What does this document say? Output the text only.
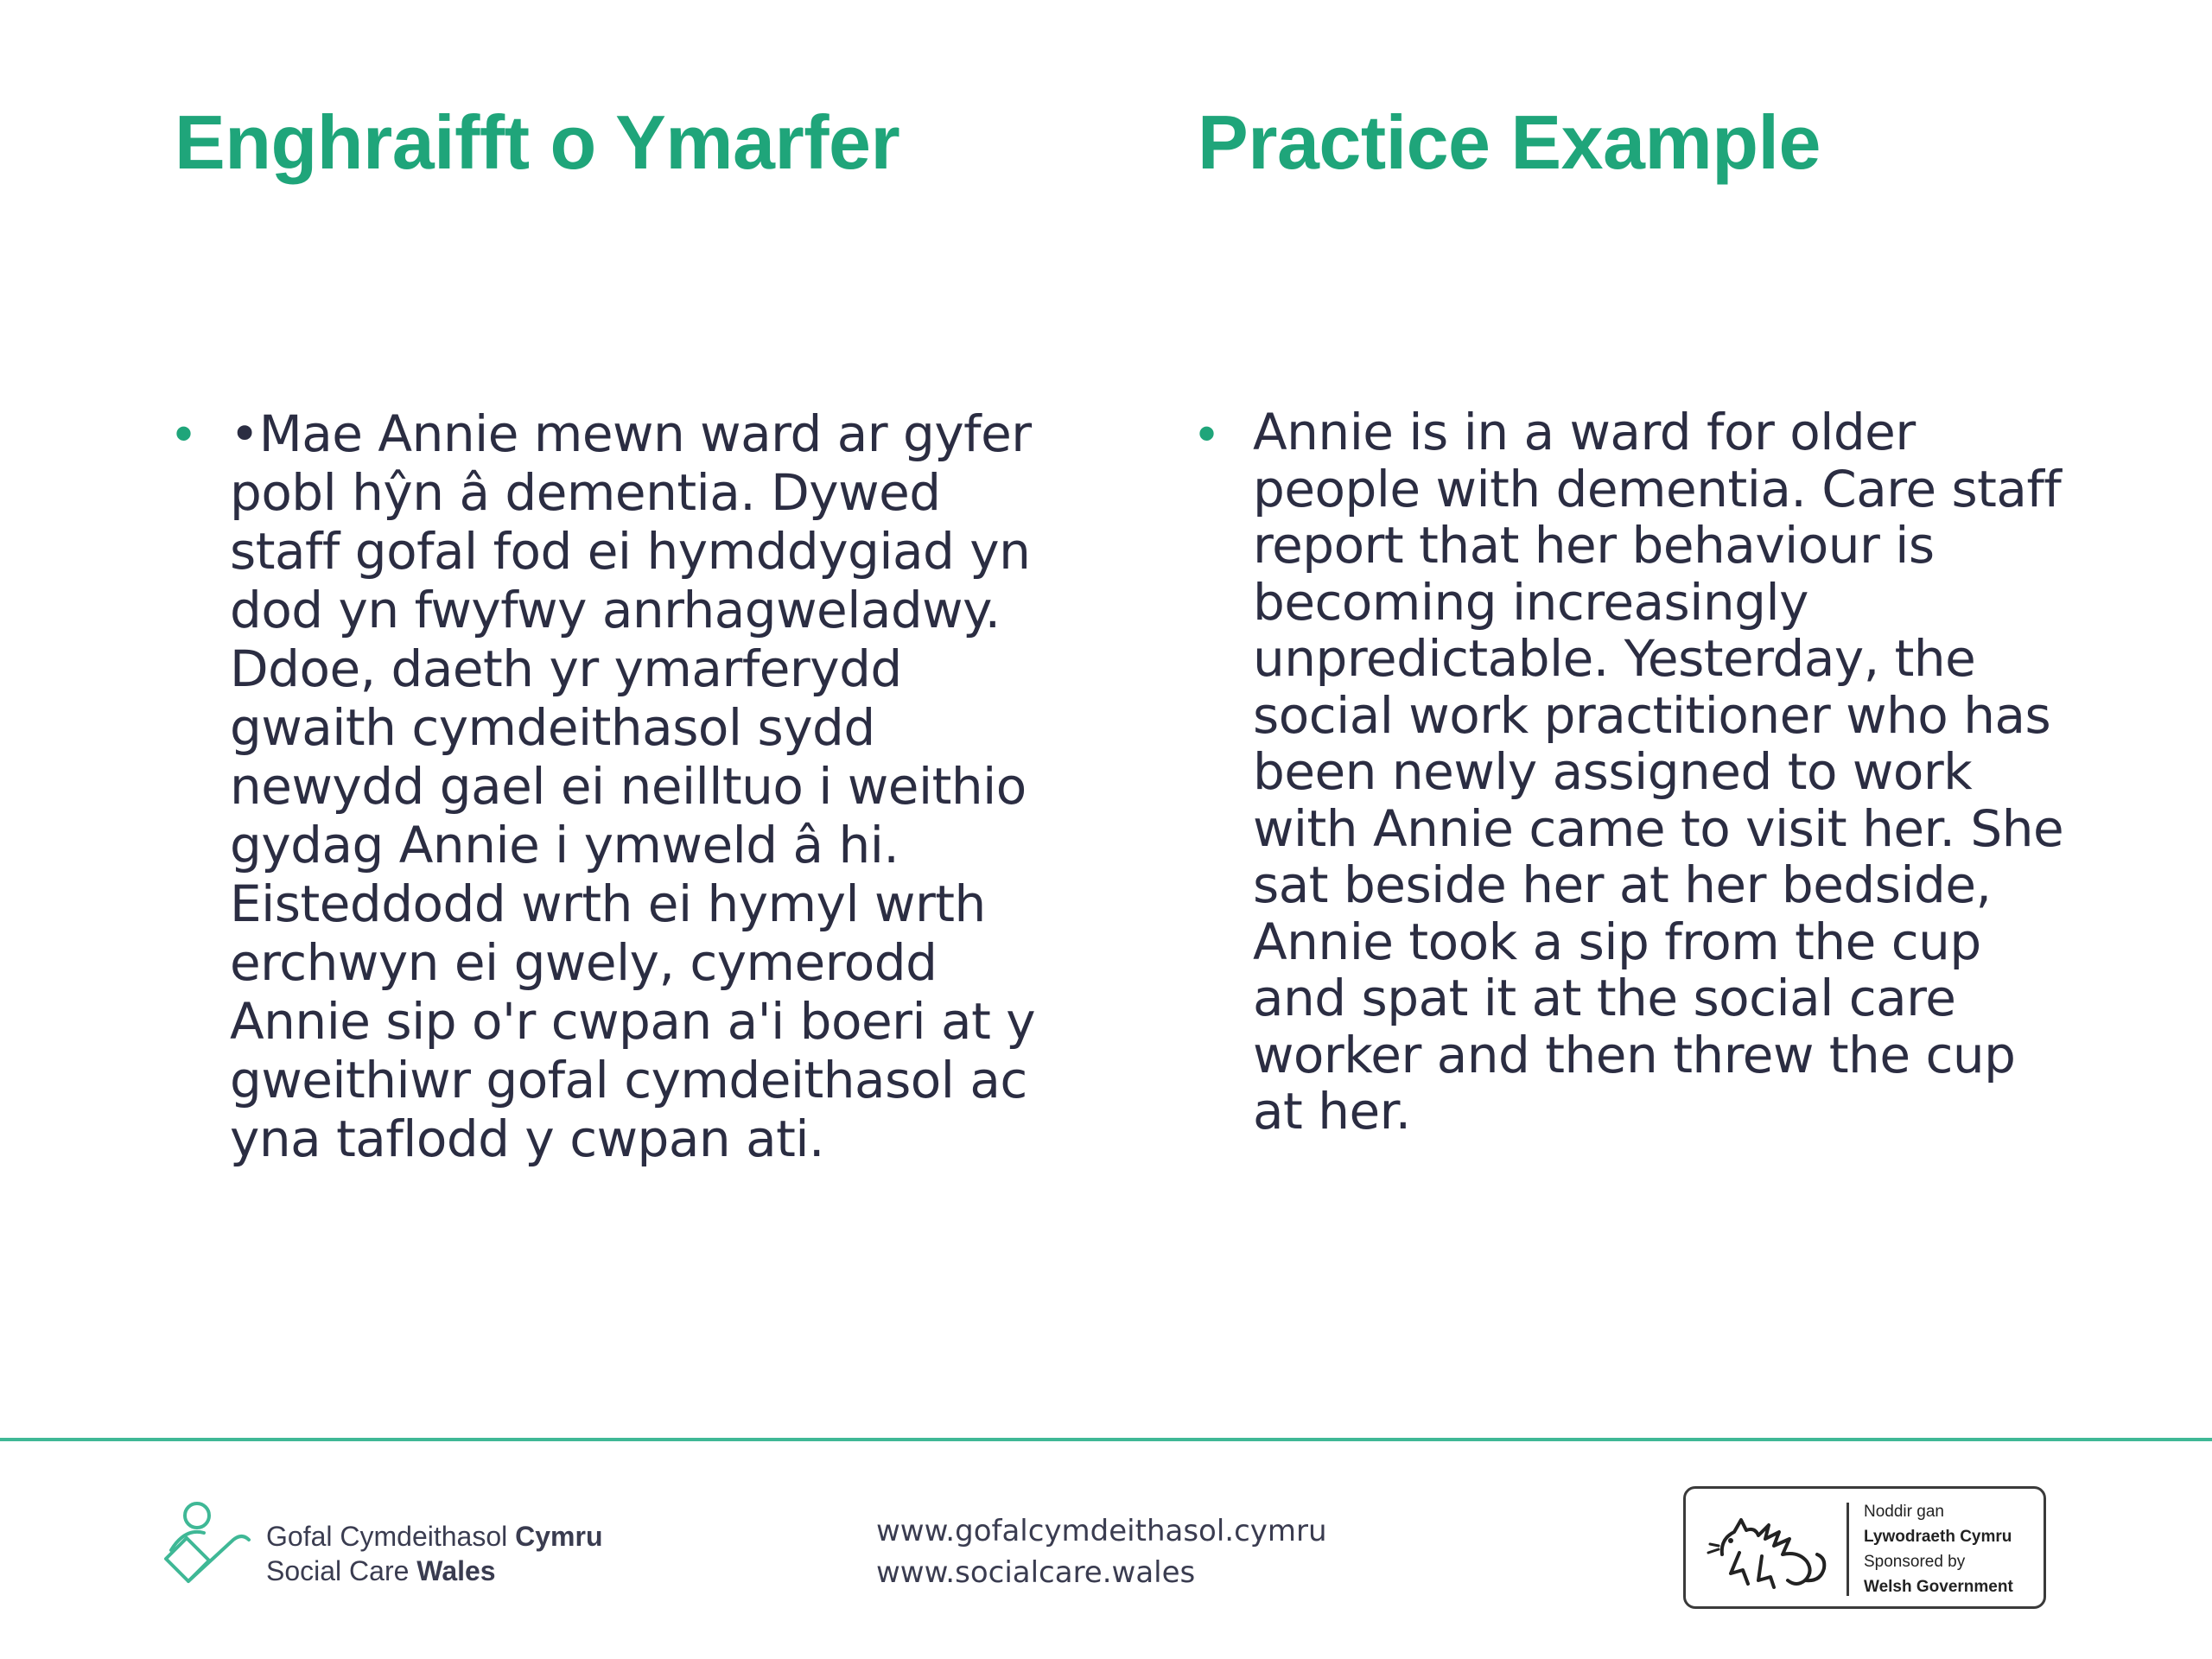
Enghraifft o Ymarfer
• •Mae Annie mewn ward ar gyfer pobl hŷn â dementia. Dywed staff gofal fod ei hymddygiad yn dod yn fwyfwy anrhagweladwy. Ddoe, daeth yr ymarferydd gwaith cymdeithasol sydd newydd gael ei neilltuo i weithio gydag Annie i ymweld â hi. Eisteddodd wrth ei hymyl wrth erchwyn ei gwely, cymerodd Annie sip o'r cwpan a'i boeri at y gweithiwr gofal cymdeithasol ac yna taflodd y cwpan ati.

Practice Example
• Annie is in a ward for older people with dementia. Care staff report that her behaviour is becoming increasingly unpredictable. Yesterday, the social work practitioner who has been newly assigned to work with Annie came to visit her. She sat beside her at her bedside, Annie took a sip from the cup and spat it at the social care worker and then threw the cup at her.

Gofal Cymdeithasol Cymru
Social Care Wales
www.gofalcymdeithasol.cymru
www.socialcare.wales
Noddir gan
Lywodraeth Cymru
Sponsored by
Welsh Government
